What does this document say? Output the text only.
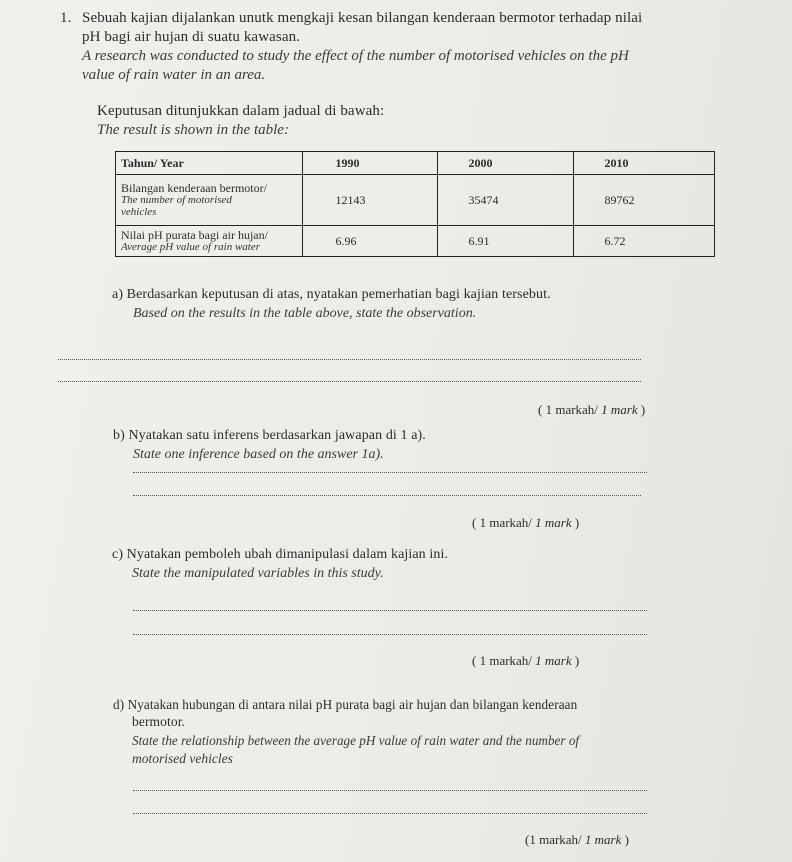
1. Sebuah kajian dijalankan unutk mengkaji kesan bilangan kenderaan bermotor terhadap nilai
pH bagi air hujan di suatu kawasan.
A research was conducted to study the effect of the number of motorised vehicles on the pH
value of rain water in an area.
Keputusan ditunjukkan dalam jadual di bawah:
The result is shown in the table:
Tahun/ Year	1990	2000	2010

Bilangan kenderaan bermotor/
The number of motorised
vehicles	12143	35474	89762

Nilai pH purata bagi air hujan/
Average pH value of rain water	6.96	6.91	6.72
a) Berdasarkan keputusan di atas, nyatakan pemerhatian bagi kajian tersebut.
Based on the results in the table above, state the observation.
( 1 markah/ 1 mark )
b) Nyatakan satu inferens berdasarkan jawapan di 1 a).
State one inference based on the answer 1a).
( 1 markah/ 1 mark )
c) Nyatakan pemboleh ubah dimanipulasi dalam kajian ini.
State the manipulated variables in this study.
( 1 markah/ 1 mark )
d) Nyatakan hubungan di antara nilai pH purata bagi air hujan dan bilangan kenderaan
bermotor.
State the relationship between the average pH value of rain water and the number of
motorised vehicles
(1 markah/ 1 mark )
